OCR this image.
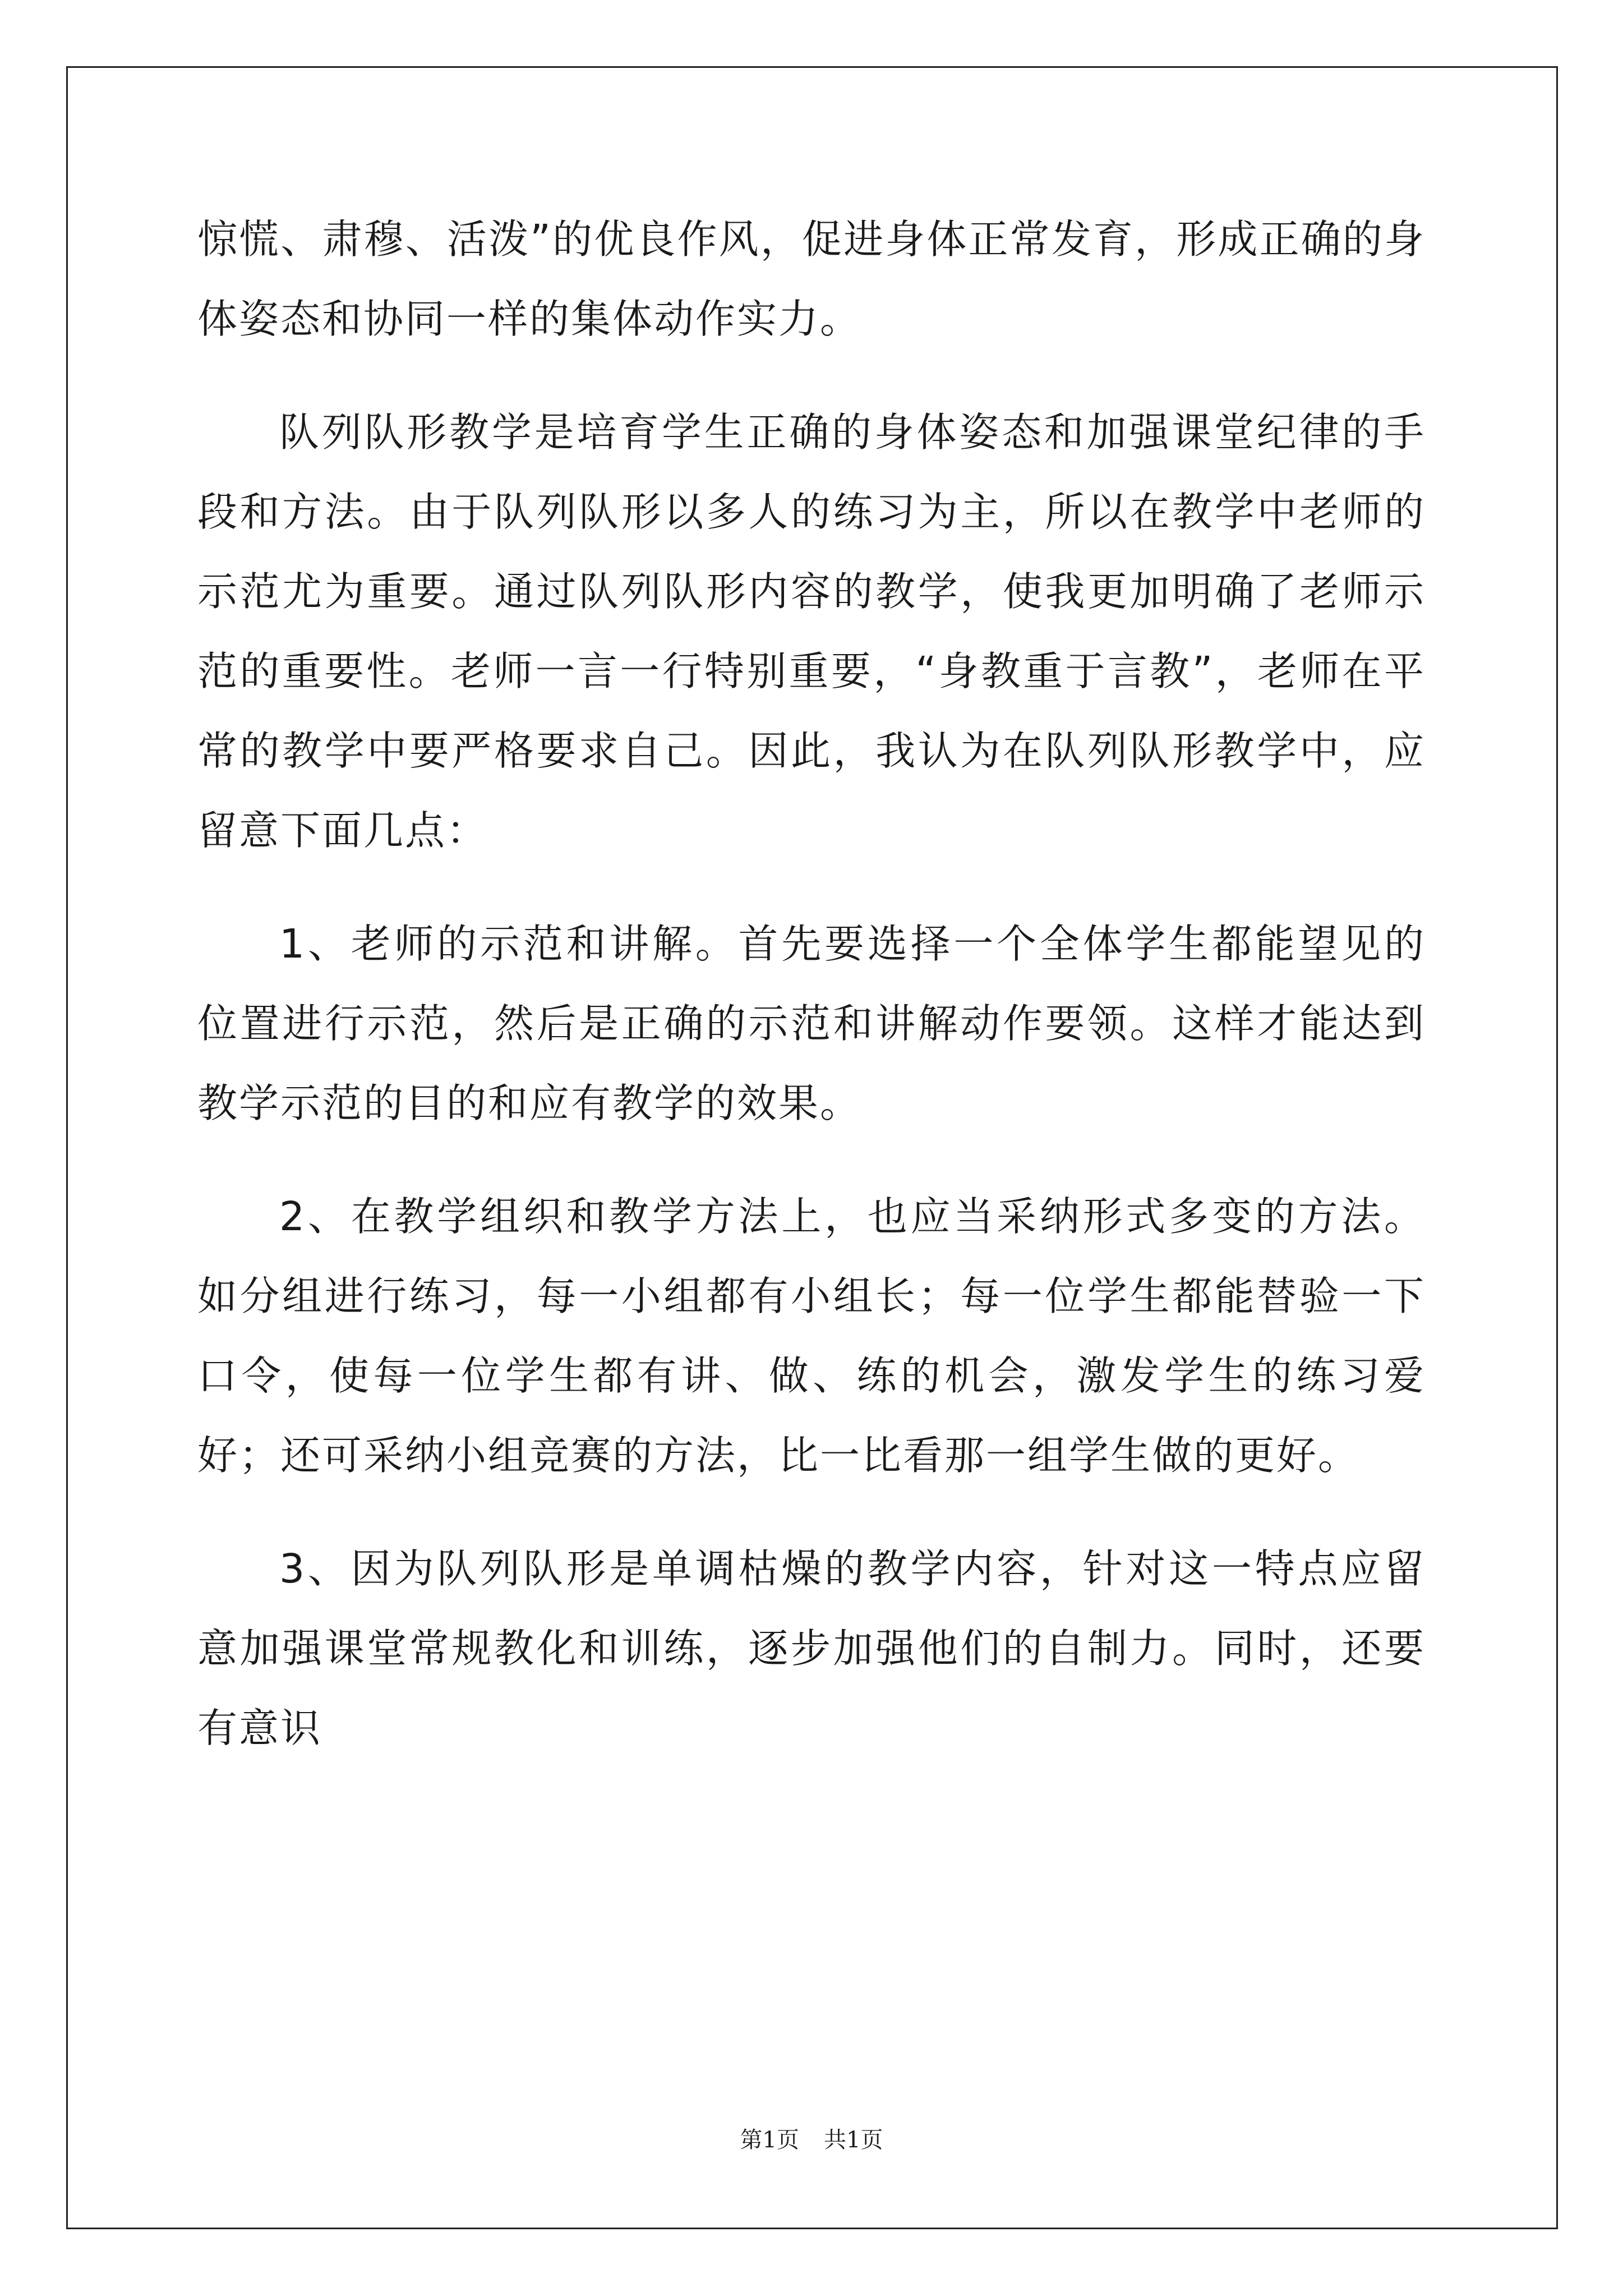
惊慌、肃穆、活泼”的优良作风，促进身体正常发育，形成正确的身体姿态和协同一样的集体动作实力。

队列队形教学是培育学生正确的身体姿态和加强课堂纪律的手段和方法。由于队列队形以多人的练习为主，所以在教学中老师的示范尤为重要。通过队列队形内容的教学，使我更加明确了老师示范的重要性。老师一言一行特别重要，“身教重于言教”，老师在平常的教学中要严格要求自己。因此，我认为在队列队形教学中，应留意下面几点：

1、老师的示范和讲解。首先要选择一个全体学生都能望见的位置进行示范，然后是正确的示范和讲解动作要领。这样才能达到教学示范的目的和应有教学的效果。

2、在教学组织和教学方法上，也应当采纳形式多变的方法。如分组进行练习，每一小组都有小组长；每一位学生都能替验一下口令，使每一位学生都有讲、做、练的机会，激发学生的练习爱好；还可采纳小组竞赛的方法，比一比看那一组学生做的更好。

3、因为队列队形是单调枯燥的教学内容，针对这一特点应留意加强课堂常规教化和训练，逐步加强他们的自制力。同时，还要有意识

第1页 共1页
